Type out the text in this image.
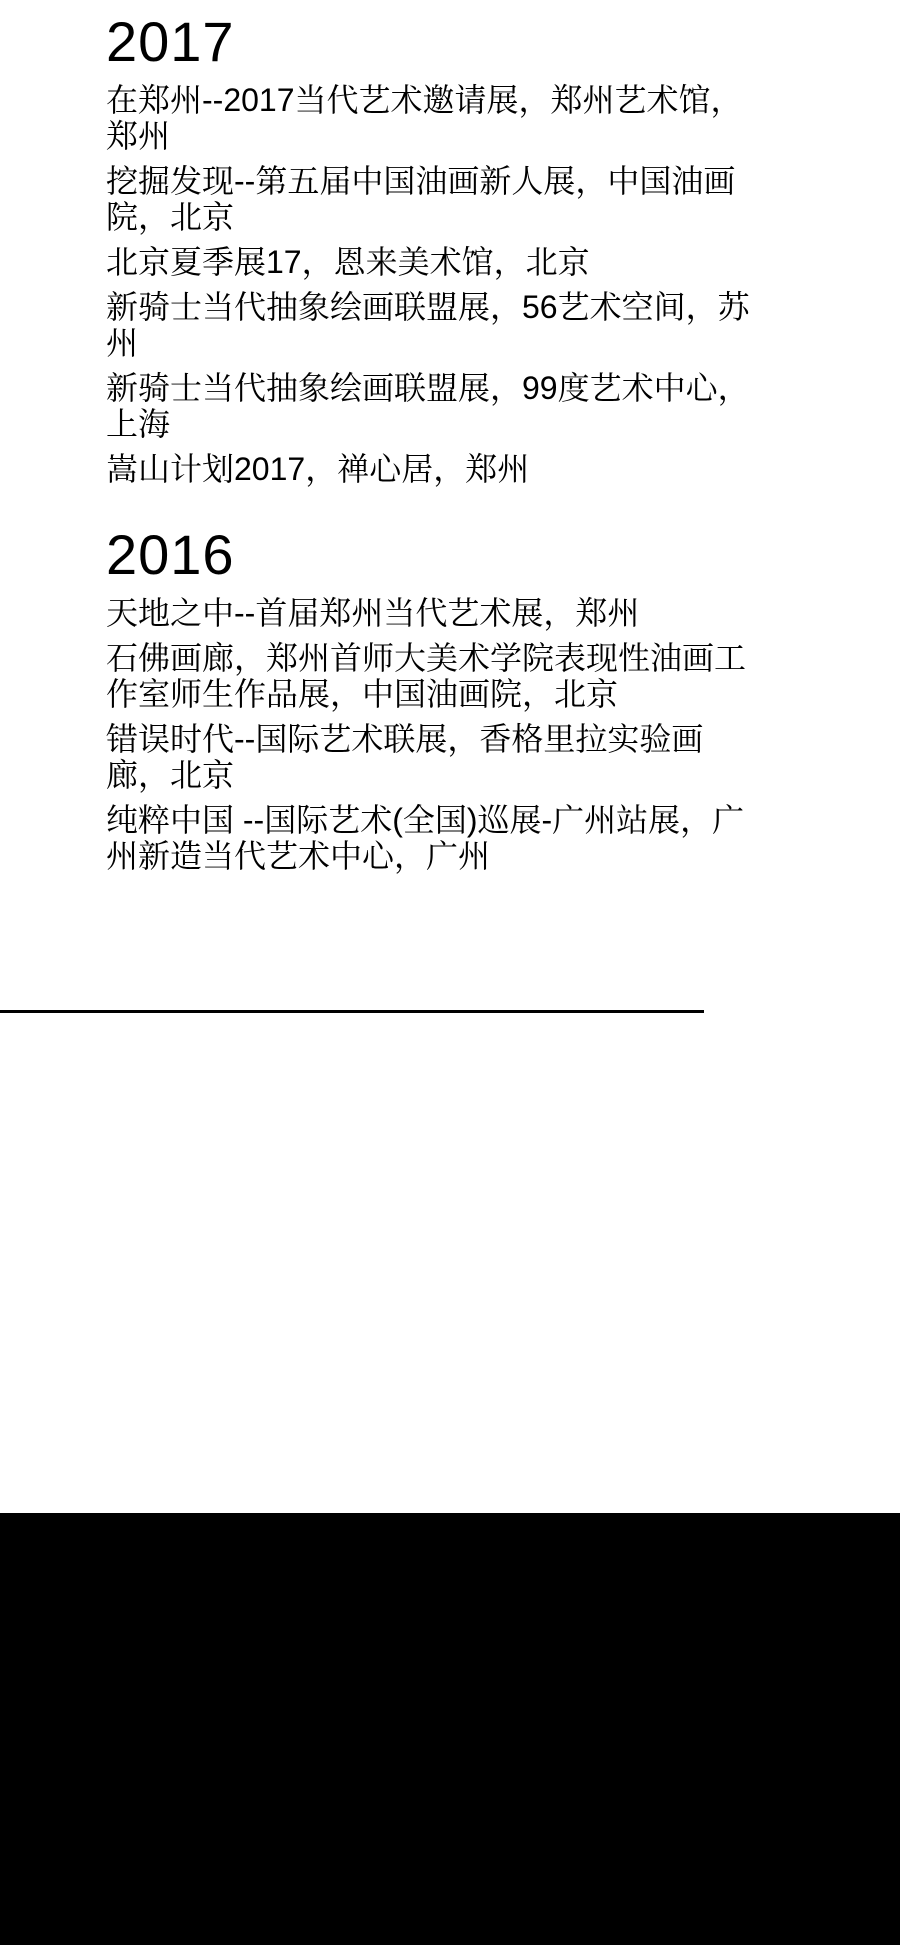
2017

在郑州--2017当代艺术邀请展，郑州艺术馆，
郑州

挖掘发现--第五届中国油画新人展，中国油画
院，北京

北京夏季展17，恩来美术馆，北京

新骑士当代抽象绘画联盟展，56艺术空间，苏
州

新骑士当代抽象绘画联盟展，99度艺术中心，
上海

嵩山计划2017，禅心居，郑州

2016

天地之中--首届郑州当代艺术展，郑州

石佛画廊，郑州首师大美术学院表现性油画工
作室师生作品展，中国油画院，北京

错误时代--国际艺术联展，香格里拉实验画
廊，北京

纯粹中国 --国际艺术(全国)巡展-广州站展，广
州新造当代艺术中心，广州
